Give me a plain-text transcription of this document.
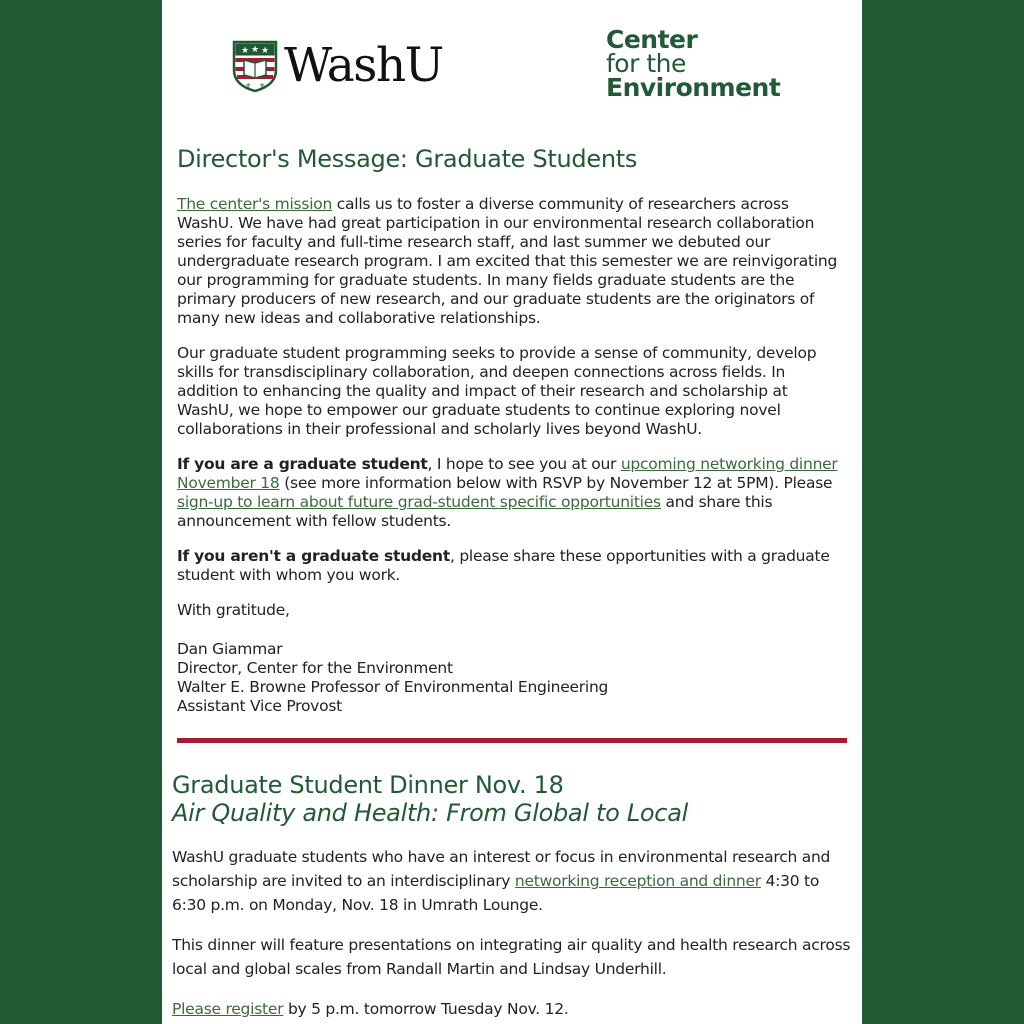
★ ★ ★
⚜ ⚜ WashU	Center
for the
Environment
Director's Message: Graduate Students

The center's mission calls us to foster a diverse community of researchers across WashU. We have had great participation in our environmental research collaboration series for faculty and full-time research staff, and last summer we debuted our undergraduate research program. I am excited that this semester we are reinvigorating our programming for graduate students. In many fields graduate students are the primary producers of new research, and our graduate students are the originators of many new ideas and collaborative relationships.

Our graduate student programming seeks to provide a sense of community, develop skills for transdisciplinary collaboration, and deepen connections across fields. In addition to enhancing the quality and impact of their research and scholarship at WashU, we hope to empower our graduate students to continue exploring novel collaborations in their professional and scholarly lives beyond WashU.

If you are a graduate student, I hope to see you at our upcoming networking dinner November 18 (see more information below with RSVP by November 12 at 5PM). Please sign-up to learn about future grad-student specific opportunities and share this announcement with fellow students.

If you aren't a graduate student, please share these opportunities with a graduate student with whom you work.

With gratitude,

Dan Giammar
Director, Center for the Environment
Walter E. Browne Professor of Environmental Engineering
Assistant Vice Provost
Graduate Student Dinner Nov. 18
Air Quality and Health: From Global to Local

WashU graduate students who have an interest or focus in environmental research and scholarship are invited to an interdisciplinary networking reception and dinner 4:30 to 6:30 p.m. on Monday, Nov. 18 in Umrath Lounge.

This dinner will feature presentations on integrating air quality and health research across local and global scales from Randall Martin and Lindsay Underhill.

Please register by 5 p.m. tomorrow Tuesday Nov. 12.
